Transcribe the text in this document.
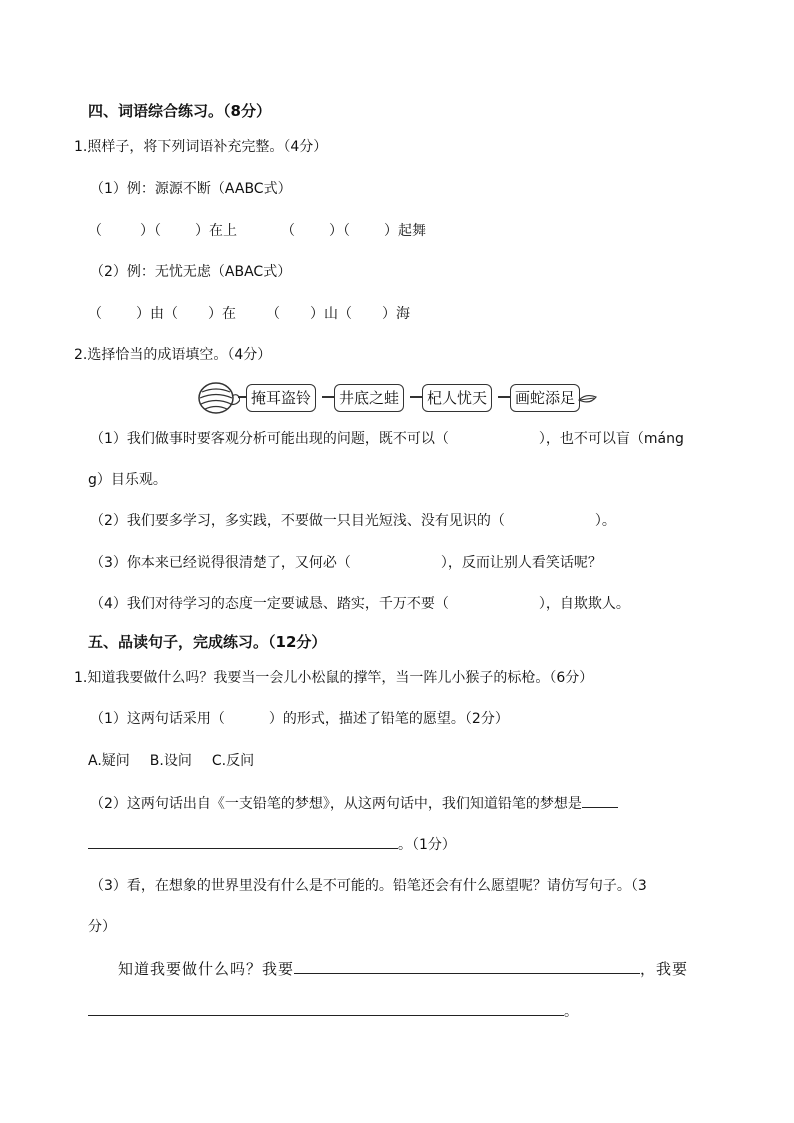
四、词语综合练习。（8分）
1.照样子，将下列词语补充完整。（4分）
（1）例：源源不断（AABC式）
（	）（ ）在上	（ ）（ ）起舞
（2）例：无忧无虑（ABAC式）
（ ）由（ ）在 （ ）山（ ）海
2.选择恰当的成语填空。（4分）
掩耳盗铃	井底之蛙	杞人忧天	画蛇添足
（1）我们做事时要客观分析可能出现的问题，既不可以（	），也不可以盲（máng
g）目乐观。
（2）我们要多学习，多实践，不要做一只目光短浅、没有见识的（	）。
（3）你本来已经说得很清楚了，又何必（	），反而让别人看笑话呢？
（4）我们对待学习的态度一定要诚恳、踏实，千万不要（	），自欺欺人。
五、品读句子，完成练习。（12分）
1.知道我要做什么吗？我要当一会儿小松鼠的撑竿，当一阵儿小猴子的标枪。（6分）
（1）这两句话采用（	）的形式，描述了铅笔的愿望。（2分）
A.疑问 B.设问 C.反问
（2）这两句话出自《一支铅笔的梦想》，从这两句话中，我们知道铅笔的梦想是
。（1分）
（3）看，在想象的世界里没有什么是不可能的。铅笔还会有什么愿望呢？请仿写句子。（3
分）
知道我要做什么吗？我要	，我要
。
